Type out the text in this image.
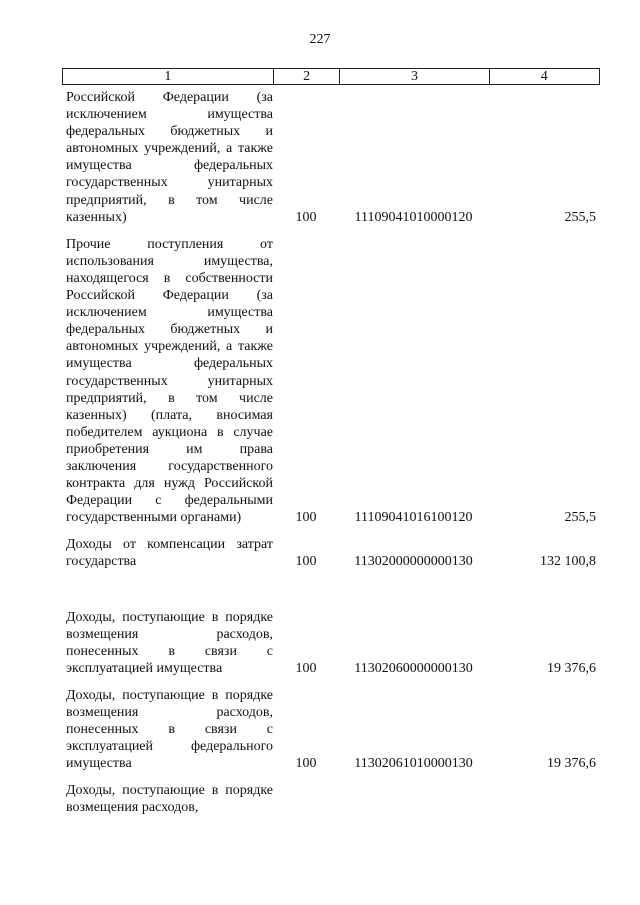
227
1	2	3	4
Российской Федерации (за исключением имущества федеральных бюджетных и автономных учреждений, а также имущества федеральных государственных унитарных предприятий, в том числе казенных)	100	11109041010000120	255,5
Прочие поступления от использования имущества, находящегося в собственности Российской Федерации (за исключением имущества федеральных бюджетных и автономных учреждений, а также имущества федеральных государственных унитарных предприятий, в том числе казенных) (плата, вносимая победителем аукциона в случае приобретения им права заключения государственного контракта для нужд Российской Федерации с федеральными государственными органами)	100	11109041016100120	255,5
Доходы от компенсации затрат государства	100	11302000000000130	132 100,8
Доходы, поступающие в порядке возмещения расходов, понесенных в связи с эксплуатацией имущества	100	11302060000000130	19 376,6
Доходы, поступающие в порядке возмещения расходов, понесенных в связи с эксплуатацией федерального имущества	100	11302061010000130	19 376,6
Доходы, поступающие в порядке возмещения расходов,
